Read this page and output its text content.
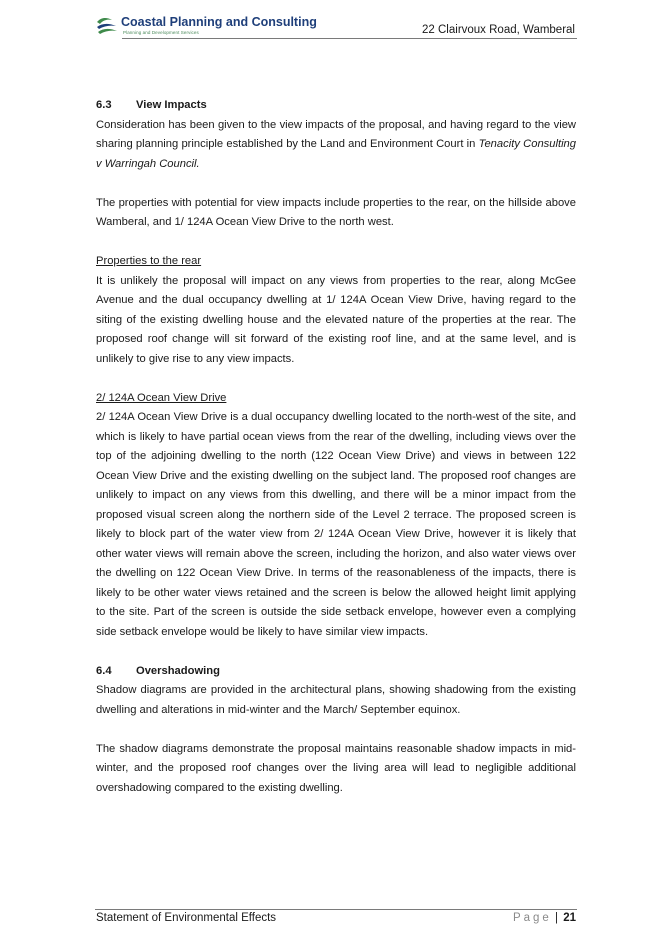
Coastal Planning and Consulting
Planning and Development Services	22 Clairvoux Road, Wamberal

6.3 View Impacts

Consideration has been given to the view impacts of the proposal, and having regard to the view sharing planning principle established by the Land and Environment Court in Tenacity Consulting v Warringah Council.

The properties with potential for view impacts include properties to the rear, on the hillside above Wamberal, and 1/ 124A Ocean View Drive to the north west.

Properties to the rear

It is unlikely the proposal will impact on any views from properties to the rear, along McGee Avenue and the dual occupancy dwelling at 1/ 124A Ocean View Drive, having regard to the siting of the existing dwelling house and the elevated nature of the properties at the rear. The proposed roof change will sit forward of the existing roof line, and at the same level, and is unlikely to give rise to any view impacts.

2/ 124A Ocean View Drive

2/ 124A Ocean View Drive is a dual occupancy dwelling located to the north-west of the site, and which is likely to have partial ocean views from the rear of the dwelling, including views over the top of the adjoining dwelling to the north (122 Ocean View Drive) and views in between 122 Ocean View Drive and the existing dwelling on the subject land. The proposed roof changes are unlikely to impact on any views from this dwelling, and there will be a minor impact from the proposed visual screen along the northern side of the Level 2 terrace. The proposed screen is likely to block part of the water view from 2/ 124A Ocean View Drive, however it is likely that other water views will remain above the screen, including the horizon, and also water views over the dwelling on 122 Ocean View Drive. In terms of the reasonableness of the impacts, there is likely to be other water views retained and the screen is below the allowed height limit applying to the site. Part of the screen is outside the side setback envelope, however even a complying side setback envelope would be likely to have similar view impacts.

6.4 Overshadowing

Shadow diagrams are provided in the architectural plans, showing shadowing from the existing dwelling and alterations in mid-winter and the March/ September equinox.

The shadow diagrams demonstrate the proposal maintains reasonable shadow impacts in mid-winter, and the proposed roof changes over the living area will lead to negligible additional overshadowing compared to the existing dwelling.

Statement of Environmental Effects	Page | 21
